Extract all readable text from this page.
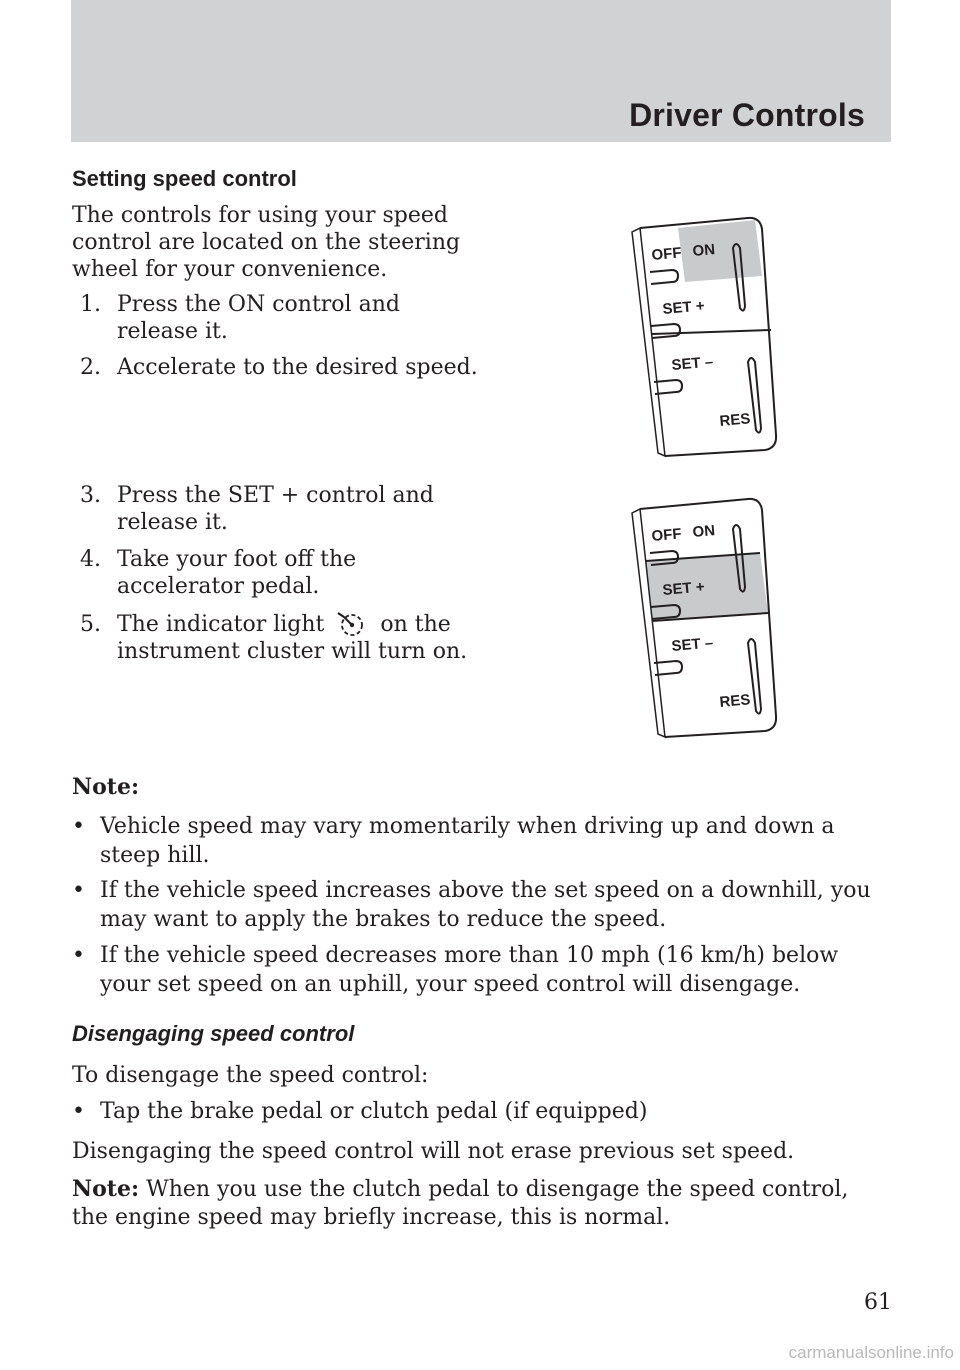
Driver Controls
Setting speed control
The controls for using your speed
control are located on the steering
wheel for your convenience.
1. Press the ON control and
release it.
2. Accelerate to the desired speed.
3. Press the SET + control and
release it.
4. Take your foot off the
accelerator pedal.
5. The indicator light	on the
instrument cluster will turn on.
OFF ON
SET +
SET –
RES
OFF ON
SET +
SET –
RES
Note:
• Vehicle speed may vary momentarily when driving up and down a
steep hill.
• If the vehicle speed increases above the set speed on a downhill, you
may want to apply the brakes to reduce the speed.
• If the vehicle speed decreases more than 10 mph (16 km/h) below
your set speed on an uphill, your speed control will disengage.
Disengaging speed control
To disengage the speed control:
• Tap the brake pedal or clutch pedal (if equipped)
Disengaging the speed control will not erase previous set speed.
Note: When you use the clutch pedal to disengage the speed control,
the engine speed may briefly increase, this is normal.
61
carmanualsonline.info
